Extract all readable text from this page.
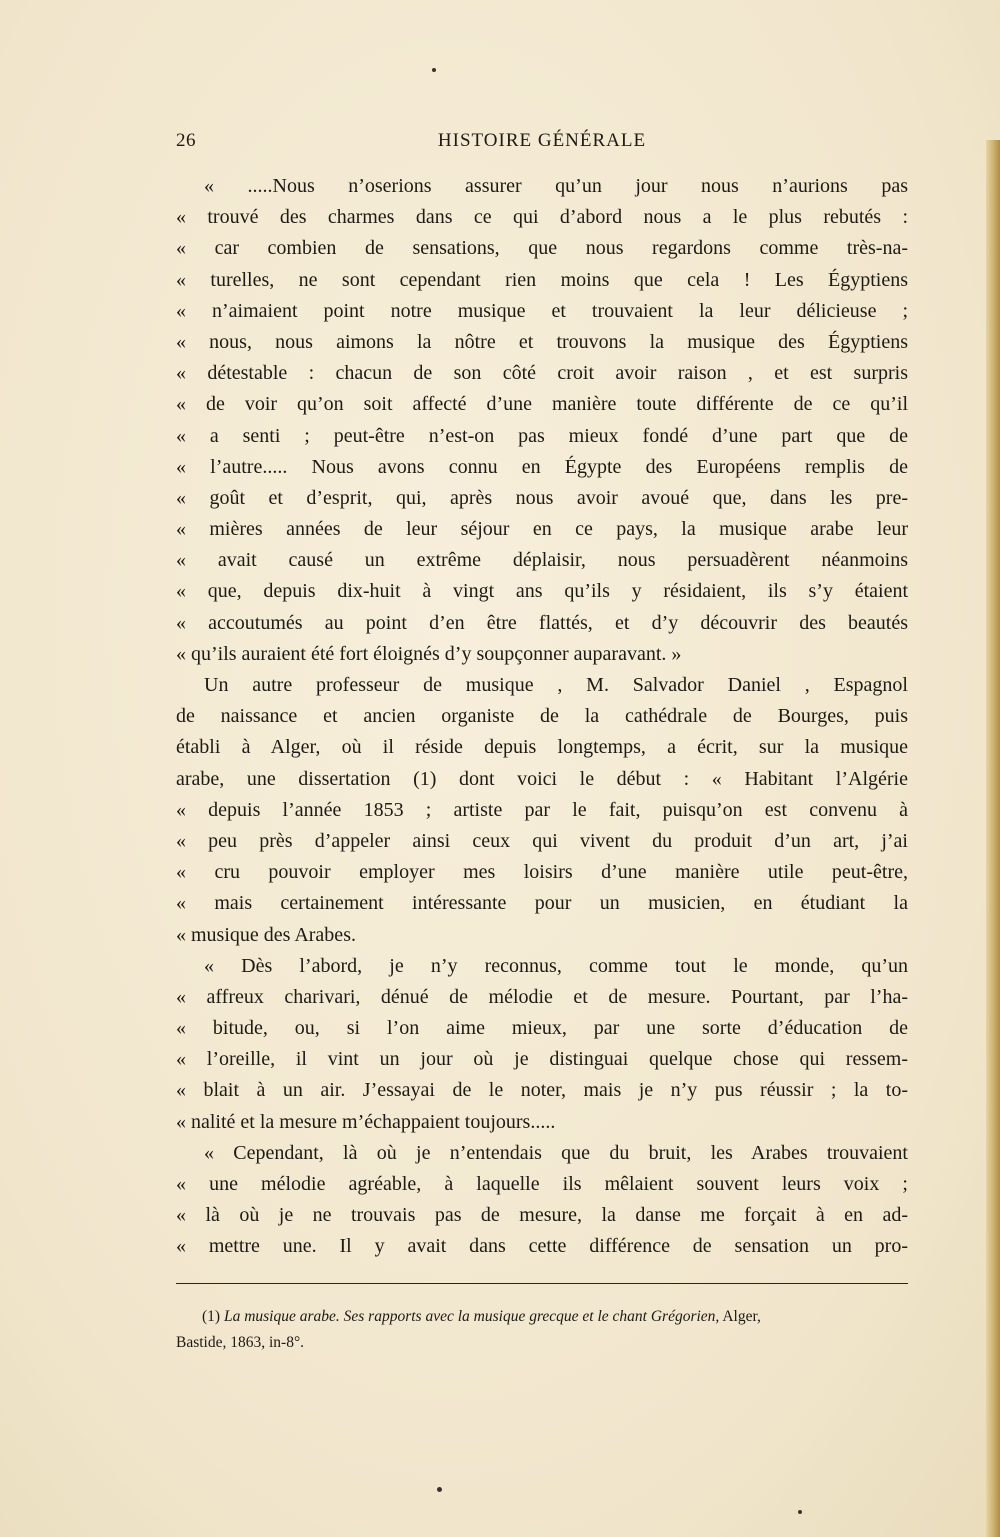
26	HISTOIRE GÉNÉRALE
« .....Nous n’oserions assurer qu’un jour nous n’aurions pas
« trouvé des charmes dans ce qui d’abord nous a le plus rebutés :
« car combien de sensations, que nous regardons comme très-na-
« turelles, ne sont cependant rien moins que cela ! Les Égyptiens
« n’aimaient point notre musique et trouvaient la leur délicieuse ;
« nous, nous aimons la nôtre et trouvons la musique des Égyptiens
« détestable : chacun de son côté croit avoir raison , et est surpris
« de voir qu’on soit affecté d’une manière toute différente de ce qu’il
« a senti ; peut-être n’est-on pas mieux fondé d’une part que de
« l’autre..... Nous avons connu en Égypte des Européens remplis de
« goût et d’esprit, qui, après nous avoir avoué que, dans les pre-
« mières années de leur séjour en ce pays, la musique arabe leur
« avait causé un extrême déplaisir, nous persuadèrent néanmoins
« que, depuis dix-huit à vingt ans qu’ils y résidaient, ils s’y étaient
« accoutumés au point d’en être flattés, et d’y découvrir des beautés
« qu’ils auraient été fort éloignés d’y soupçonner auparavant. »
Un autre professeur de musique , M. Salvador Daniel , Espagnol
de naissance et ancien organiste de la cathédrale de Bourges, puis
établi à Alger, où il réside depuis longtemps, a écrit, sur la musique
arabe, une dissertation (1) dont voici le début : « Habitant l’Algérie
« depuis l’année 1853 ; artiste par le fait, puisqu’on est convenu à
« peu près d’appeler ainsi ceux qui vivent du produit d’un art, j’ai
« cru pouvoir employer mes loisirs d’une manière utile peut-être,
« mais certainement intéressante pour un musicien, en étudiant la
« musique des Arabes.
« Dès l’abord, je n’y reconnus, comme tout le monde, qu’un
« affreux charivari, dénué de mélodie et de mesure. Pourtant, par l’ha-
« bitude, ou, si l’on aime mieux, par une sorte d’éducation de
« l’oreille, il vint un jour où je distinguai quelque chose qui ressem-
« blait à un air. J’essayai de le noter, mais je n’y pus réussir ; la to-
« nalité et la mesure m’échappaient toujours.....
« Cependant, là où je n’entendais que du bruit, les Arabes trouvaient
« une mélodie agréable, à laquelle ils mêlaient souvent leurs voix ;
« là où je ne trouvais pas de mesure, la danse me forçait à en ad-
« mettre une. Il y avait dans cette différence de sensation un pro-
(1) La musique arabe. Ses rapports avec la musique grecque et le chant Grégorien, Alger,
Bastide, 1863, in-8°.
